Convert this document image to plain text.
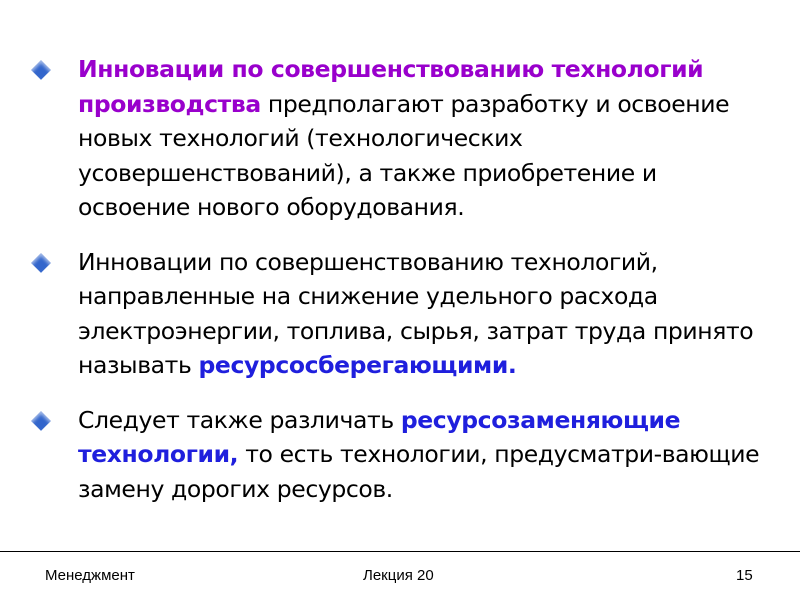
Инновации по совершенствованию технологий производства предполагают разработку и освоение новых технологий (технологических усовершенствований), а также приобретение и освоение нового оборудования.
Инновации по совершенствованию технологий, направленные на снижение удельного расхода электроэнергии, топлива, сырья, затрат труда принято называть ресурсосберегающими.
Следует также различать ресурсозаменяющие технологии, то есть технологии, предусматри-вающие замену дорогих ресурсов.
Менеджмент	Лекция 20	15
